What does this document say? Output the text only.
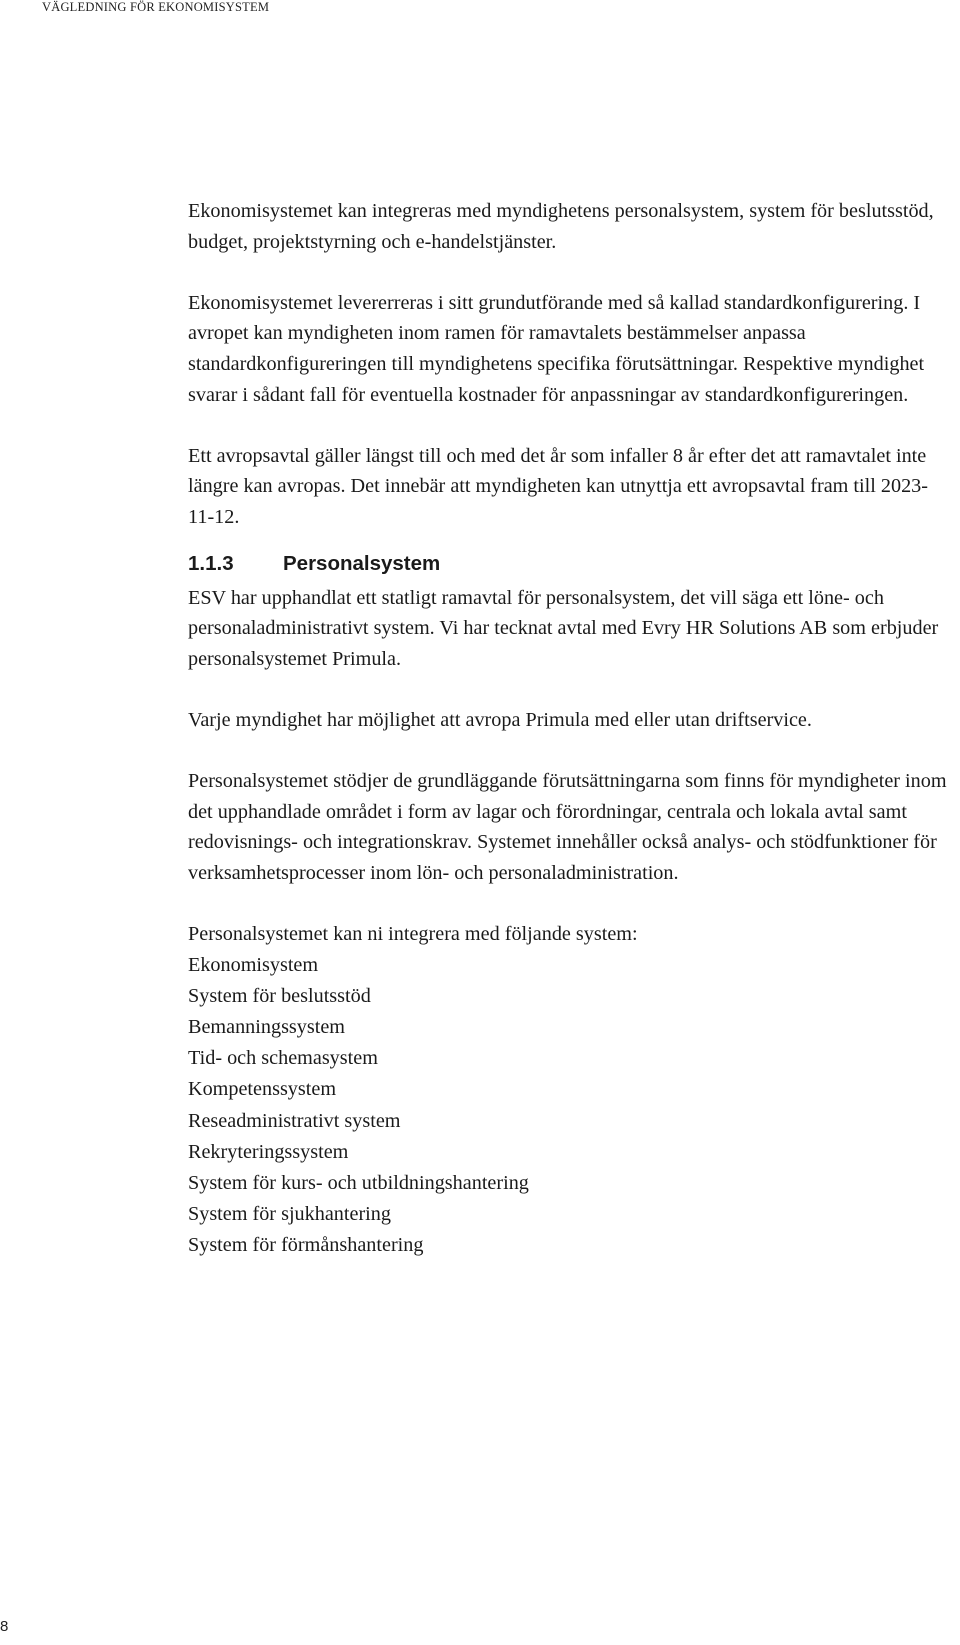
VÄGLEDNING FÖR EKONOMISYSTEM

Ekonomisystemet kan integreras med myndighetens personalsystem, system för beslutsstöd, budget, projektstyrning och e-handelstjänster.

Ekonomisystemet levererreras i sitt grundutförande med så kallad standardkonfigurering. I avropet kan myndigheten inom ramen för ramavtalets bestämmelser anpassa standardkonfigureringen till myndighetens specifika förutsättningar. Respektive myndighet svarar i sådant fall för eventuella kostnader för anpassningar av standardkonfigureringen.

Ett avropsavtal gäller längst till och med det år som infaller 8 år efter det att ramavtalet inte längre kan avropas. Det innebär att myndigheten kan utnyttja ett avropsavtal fram till 2023-11-12.

1.1.3	Personalsystem

ESV har upphandlat ett statligt ramavtal för personalsystem, det vill säga ett löne- och personaladministrativt system. Vi har tecknat avtal med Evry HR Solutions AB som erbjuder personalsystemet Primula.

Varje myndighet har möjlighet att avropa Primula med eller utan driftservice.

Personalsystemet stödjer de grundläggande förutsättningarna som finns för myndigheter inom det upphandlade området i form av lagar och förordningar, centrala och lokala avtal samt redovisnings- och integrationskrav. Systemet innehåller också analys- och stödfunktioner för verksamhetsprocesser inom lön- och personaladministration.

Personalsystemet kan ni integrera med följande system:

Ekonomisystem
System för beslutsstöd
Bemanningssystem
Tid- och schemasystem
Kompetenssystem
Reseadministrativt system
Rekryteringssystem
System för kurs- och utbildningshantering
System för sjukhantering
System för förmånshantering
8
